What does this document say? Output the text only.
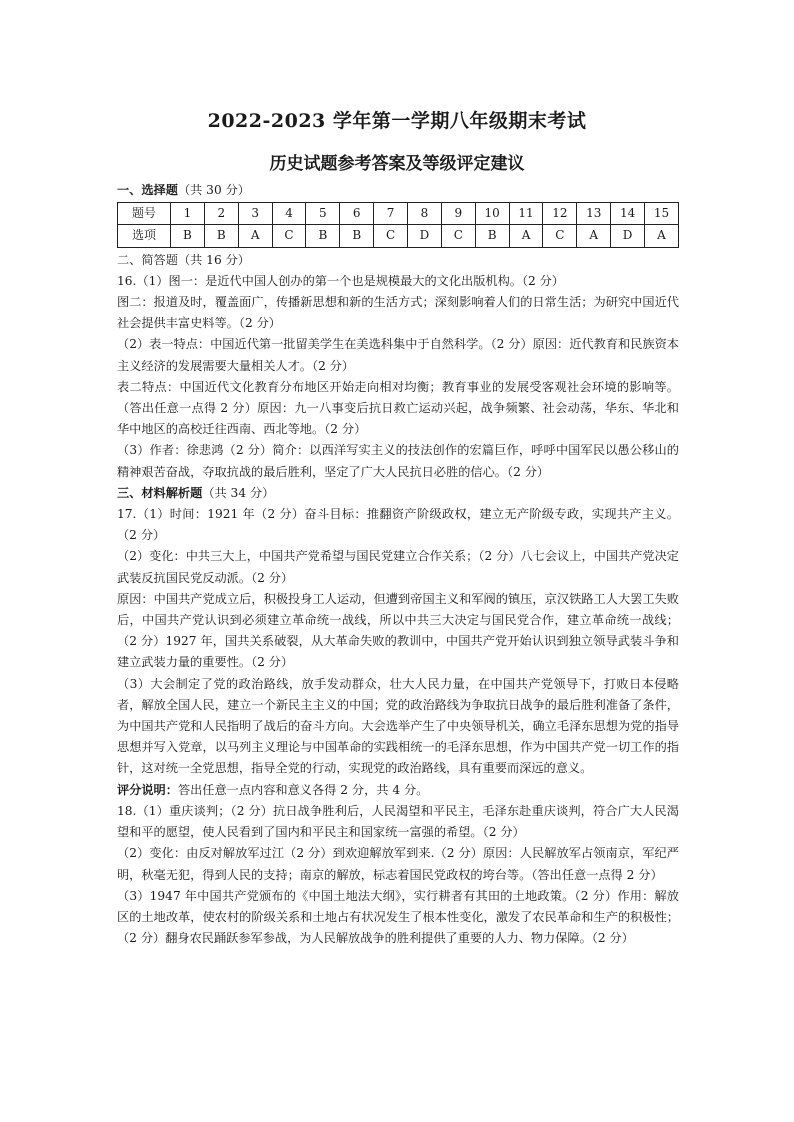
2022-2023 学年第一学期八年级期末考试
历史试题参考答案及等级评定建议

一、选择题（共 30 分）

题号	1	2	3	4	5	6	7	8	9	10	11	12	13	14	15
选项	B	B	A	C	B	B	C	D	C	B	A	C	A	D	A

二、简答题（共 16 分）

16.（1）图一：是近代中国人创办的第一个也是规模最大的文化出版机构。（2 分）

图二：报道及时，覆盖面广，传播新思想和新的生活方式；深刻影响着人们的日常生活；为研究中国近代社会提供丰富史料等。（2 分）

（2）表一特点：中国近代第一批留美学生在美选科集中于自然科学。（2 分）原因：近代教育和民族资本主义经济的发展需要大量相关人才。（2 分）

表二特点：中国近代文化教育分布地区开始走向相对均衡；教育事业的发展受客观社会环境的影响等。（答出任意一点得 2 分）原因：九一八事变后抗日救亡运动兴起，战争频繁、社会动荡，华东、华北和华中地区的高校迁往西南、西北等地。（2 分）

（3）作者：徐悲鸿（2 分）简介：以西洋写实主义的技法创作的宏篇巨作，呼呼中国军民以愚公移山的精神艰苦奋战，夺取抗战的最后胜利，坚定了广大人民抗日必胜的信心。（2 分）

三、材料解析题（共 34 分）

17.（1）时间：1921 年（2 分）奋斗目标：推翻资产阶级政权，建立无产阶级专政，实现共产主义。（2 分）

（2）变化：中共三大上，中国共产党希望与国民党建立合作关系；（2 分）八七会议上，中国共产党决定武装反抗国民党反动派。（2 分）

原因：中国共产党成立后，积极投身工人运动，但遭到帝国主义和军阀的镇压，京汉铁路工人大罢工失败后，中国共产党认识到必须建立革命统一战线，所以中共三大决定与国民党合作，建立革命统一战线；（2 分）1927 年，国共关系破裂，从大革命失败的教训中，中国共产党开始认识到独立领导武装斗争和建立武装力量的重要性。（2 分）

（3）大会制定了党的政治路线，放手发动群众，壮大人民力量，在中国共产党领导下，打败日本侵略者，解放全国人民，建立一个新民主主义的中国；党的政治路线为争取抗日战争的最后胜利准备了条件，为中国共产党和人民指明了战后的奋斗方向。大会选举产生了中央领导机关，确立毛泽东思想为党的指导思想并写入党章，以马列主义理论与中国革命的实践相统一的毛泽东思想，作为中国共产党一切工作的指针，这对统一全党思想，指导全党的行动，实现党的政治路线，具有重要而深远的意义。

评分说明：答出任意一点内容和意义各得 2 分，共 4 分。

18.（1）重庆谈判；（2 分）抗日战争胜利后，人民渴望和平民主，毛泽东赴重庆谈判，符合广大人民渴望和平的愿望，使人民看到了国内和平民主和国家统一富强的希望。（2 分）

（2）变化：由反对解放军过江（2 分）到欢迎解放军到来.（2 分）原因：人民解放军占领南京，军纪严明，秋毫无犯，得到人民的支持；南京的解放，标志着国民党政权的垮台等。（答出任意一点得 2 分）

（3）1947 年中国共产党颁布的《中国土地法大纲》，实行耕者有其田的土地政策。（2 分）作用：解放区的土地改革，使农村的阶级关系和土地占有状况发生了根本性变化，激发了农民革命和生产的积极性；（2 分）翻身农民踊跃参军参战，为人民解放战争的胜利提供了重要的人力、物力保障。（2 分）
